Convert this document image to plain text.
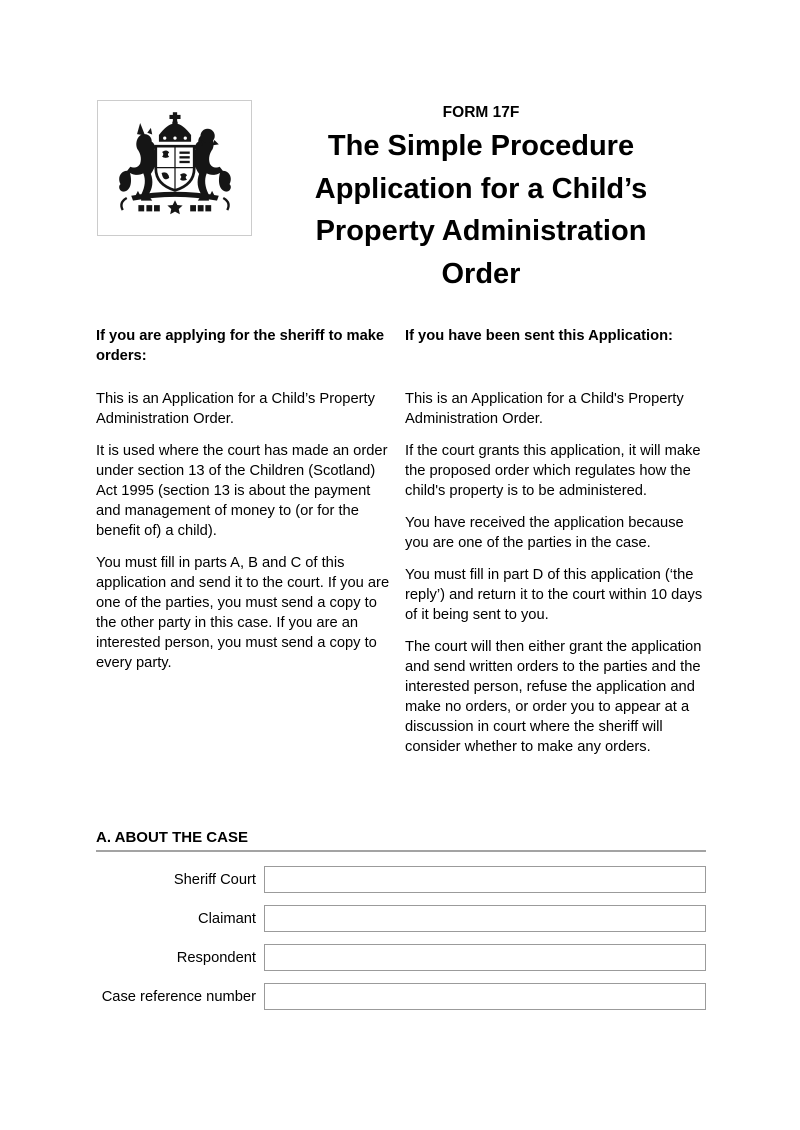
FORM 17F
The Simple Procedure
Application for a Child’s
Property Administration
Order
If you are applying for the sheriff to make orders:

This is an Application for a Child’s Property Administration Order.

It is used where the court has made an order under section 13 of the Children (Scotland) Act 1995 (section 13 is about the payment and management of money to (or for the benefit of) a child).

You must fill in parts A, B and C of this application and send it to the court. If you are one of the parties, you must send a copy to the other party in this case. If you are an interested person, you must send a copy to every party.

If you have been sent this Application:

This is an Application for a Child's Property Administration Order.

If the court grants this application, it will make the proposed order which regulates how the child's property is to be administered.

You have received the application because you are one of the parties in the case.

You must fill in part D of this application (‘the reply’) and return it to the court within 10 days of it being sent to you.

The court will then either grant the application and send written orders to the parties and the interested person, refuse the application and make no orders, or order you to appear at a discussion in court where the sheriff will consider whether to make any orders.

A. ABOUT THE CASE
Sheriff Court
Claimant
Respondent
Case reference number
